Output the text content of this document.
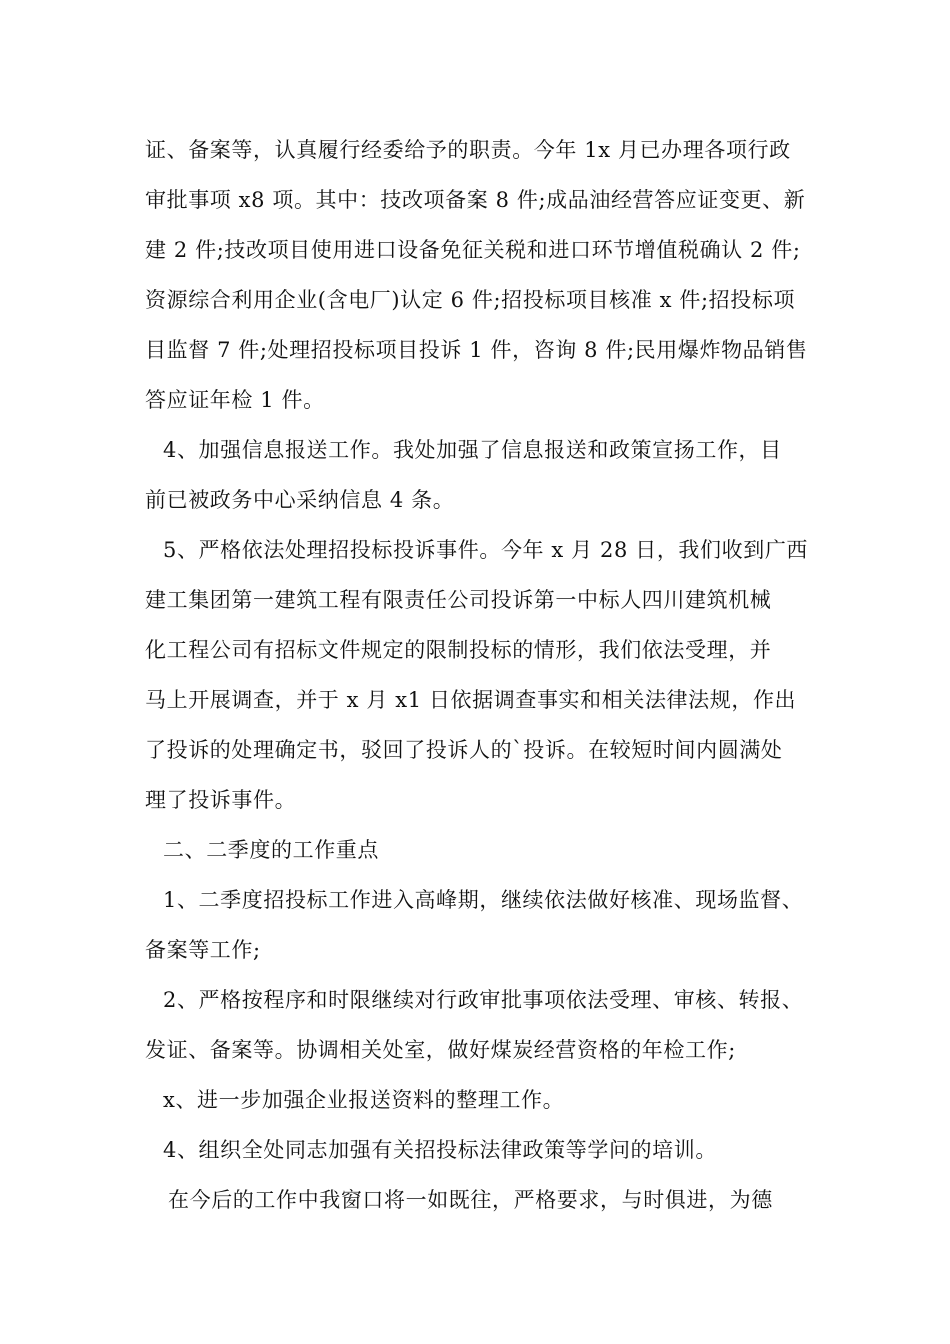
证、备案等，认真履行经委给予的职责。今年 1x 月已办理各项行政
审批事项 x8 项。其中：技改项备案 8 件;成品油经营答应证变更、新
建 2 件;技改项目使用进口设备免征关税和进口环节增值税确认 2 件;
资源综合利用企业(含电厂)认定 6 件;招投标项目核准 x 件;招投标项
目监督 7 件;处理招投标项目投诉 1 件，咨询 8 件;民用爆炸物品销售
答应证年检 1 件。
4、加强信息报送工作。我处加强了信息报送和政策宣扬工作，目
前已被政务中心采纳信息 4 条。
5、严格依法处理招投标投诉事件。今年 x 月 28 日，我们收到广西
建工集团第一建筑工程有限责任公司投诉第一中标人四川建筑机械
化工程公司有招标文件规定的限制投标的情形，我们依法受理，并
马上开展调查，并于 x 月 x1 日依据调查事实和相关法律法规，作出
了投诉的处理确定书，驳回了投诉人的`投诉。在较短时间内圆满处
理了投诉事件。
二、二季度的工作重点
1、二季度招投标工作进入高峰期，继续依法做好核准、现场监督、
备案等工作;
2、严格按程序和时限继续对行政审批事项依法受理、审核、转报、
发证、备案等。协调相关处室，做好煤炭经营资格的年检工作;
x、进一步加强企业报送资料的整理工作。
4、组织全处同志加强有关招投标法律政策等学问的培训。
在今后的工作中我窗口将一如既往，严格要求，与时俱进，为德
